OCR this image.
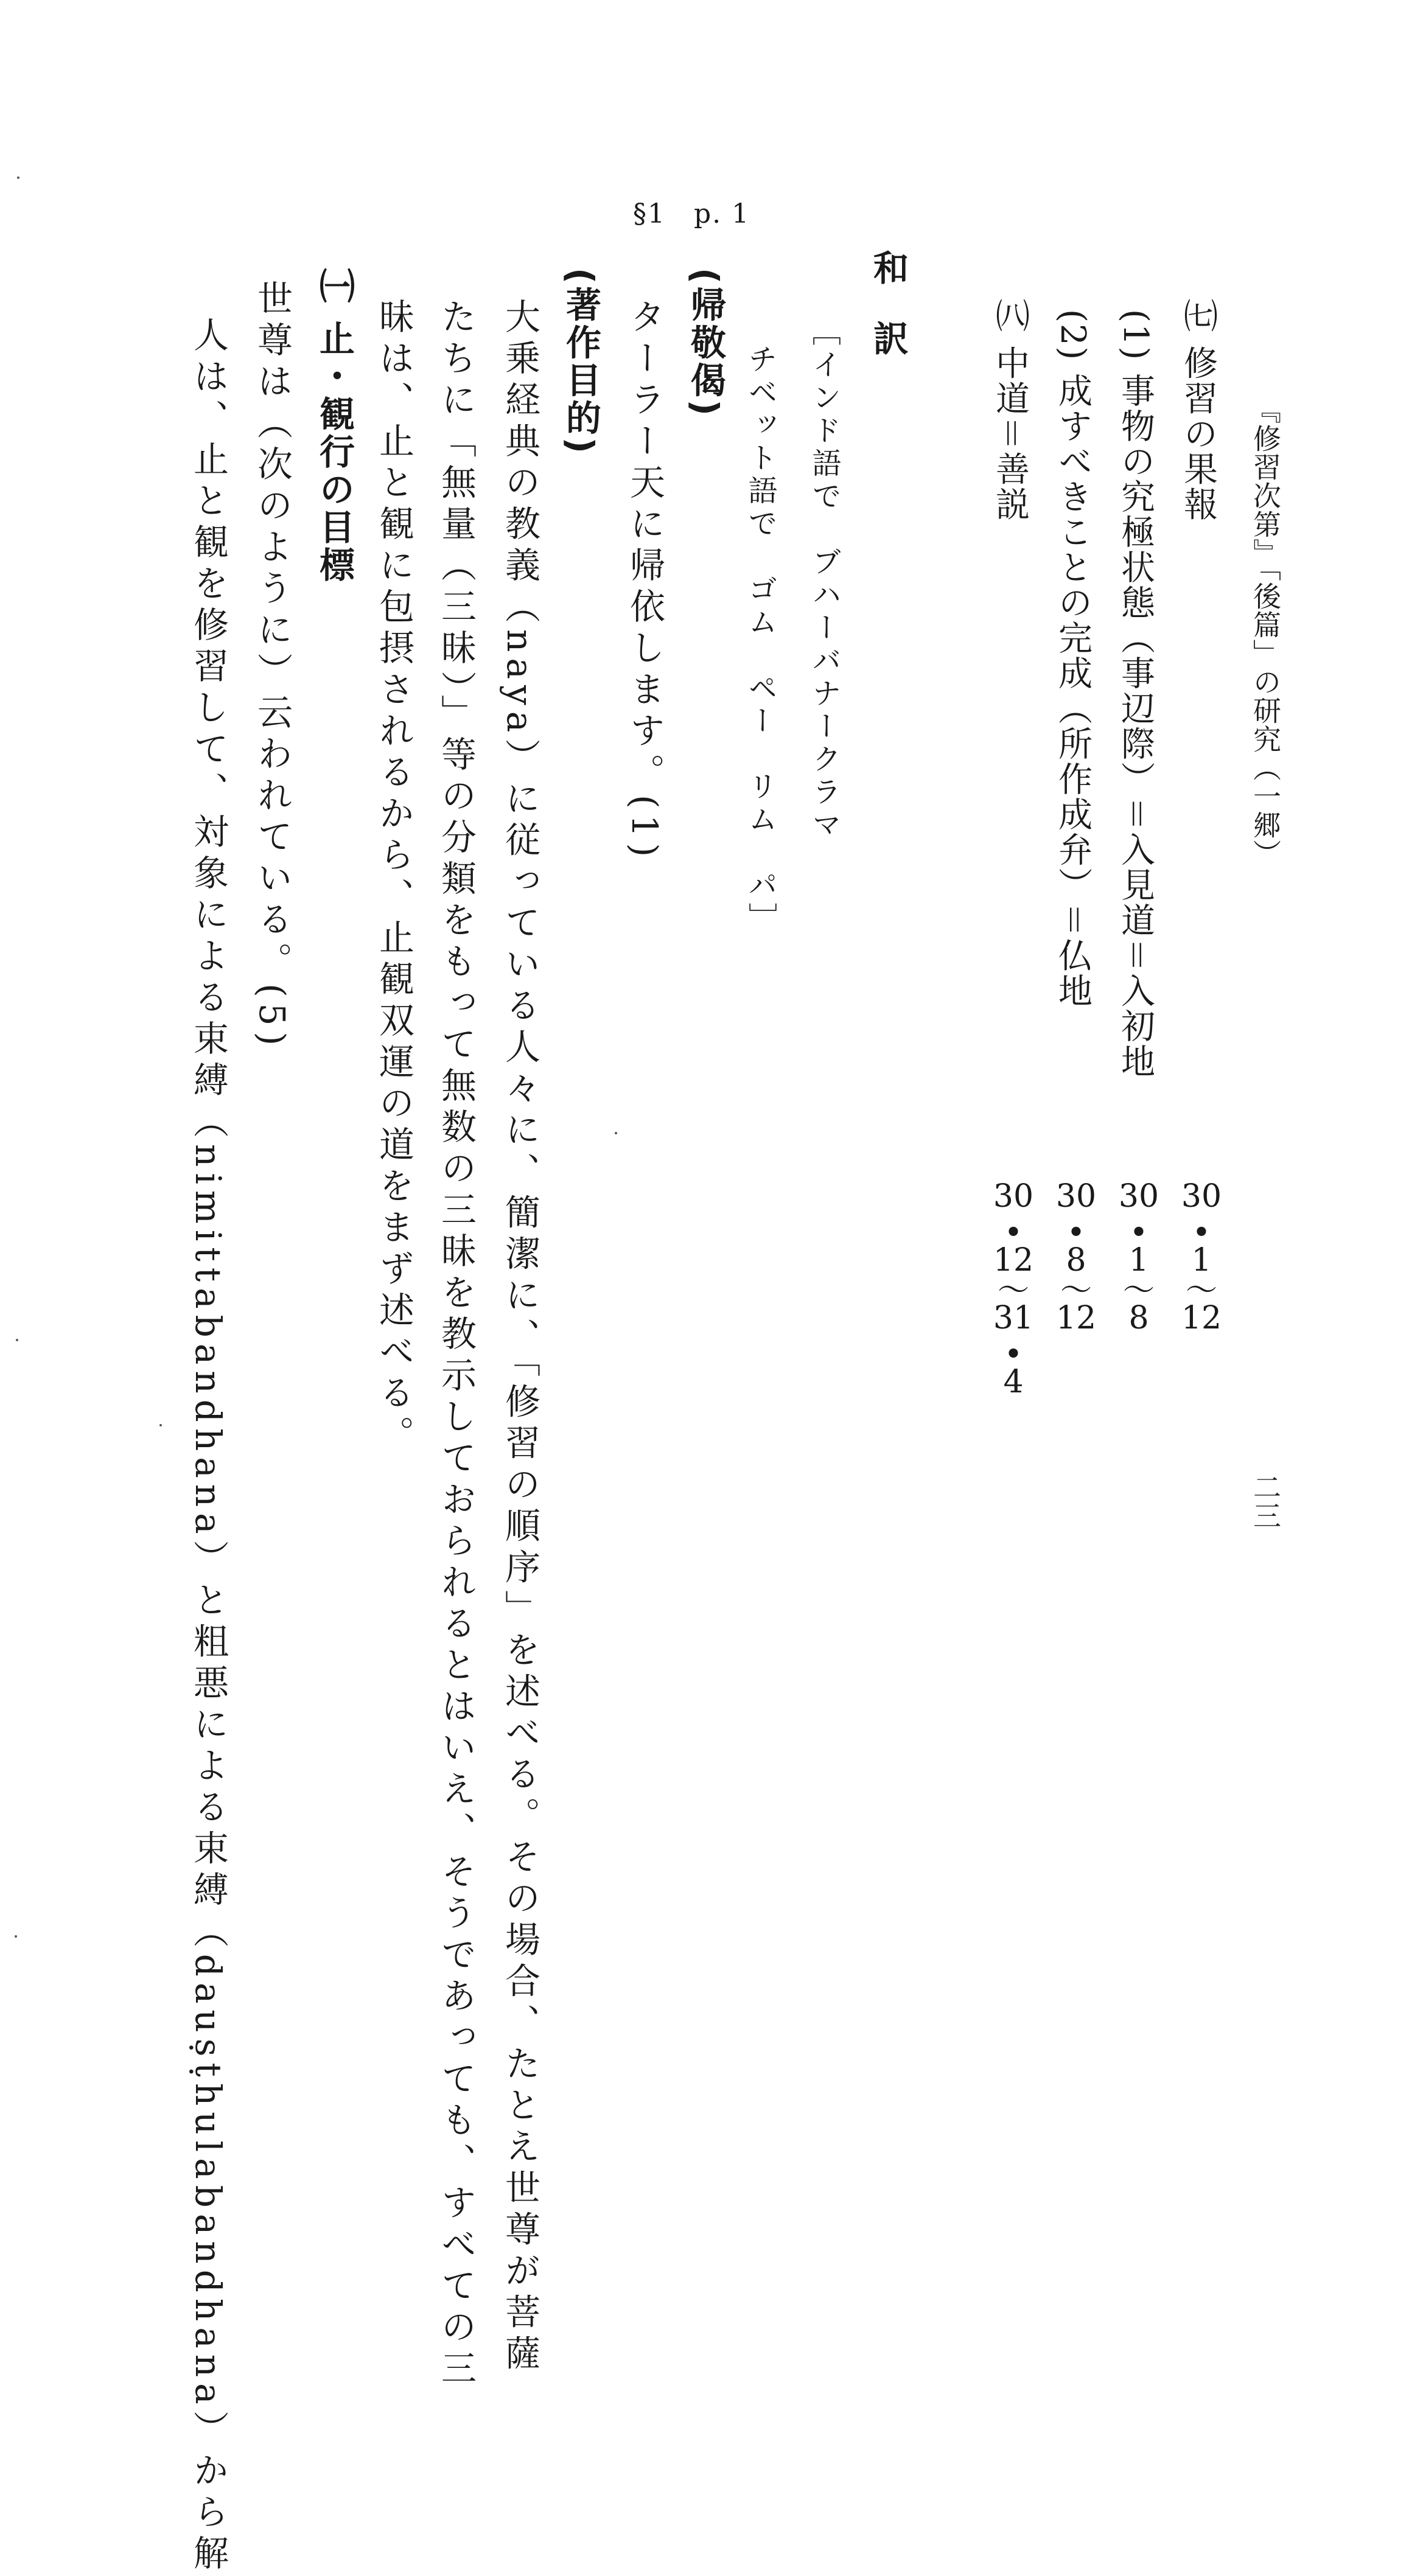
『修習次第』「後篇」の研究（一郷）
二三
㈦ 修習の果報
(1) 事物の究極状態（事辺際）＝入見道＝入初地
(2) 成すべきことの完成（所作成弁）＝仏地
㈧ 中道＝善説
30
•
1
〜
12
30
•
1
〜
8
30
•
8
〜
12
30
•
12
〜
31
•
4
和　訳
［インド語で　ブハーバナークラマ
チベット語で　ゴム　ペー　リム　パ］
§1　p. 1
(帰敬偈)
ターラー天に帰依します。(1)
(著作目的)
大乗経典の教義（naya）に従っている人々に、簡潔に、「修習の順序」を述べる。その場合、たとえ世尊が菩薩
たちに「無量（三昧）」等の分類をもって無数の三昧を教示しておられるとはいえ、そうであっても、すべての三
昧は、止と観に包摂されるから、止観双運の道をまず述べる。
㈠ 止・観行の目標
世尊は（次のように）云われている。(5)
人は、止と観を修習して、対象による束縛（nimittabandhana）と粗悪による束縛（dauṣṭhulabandhana）から解
